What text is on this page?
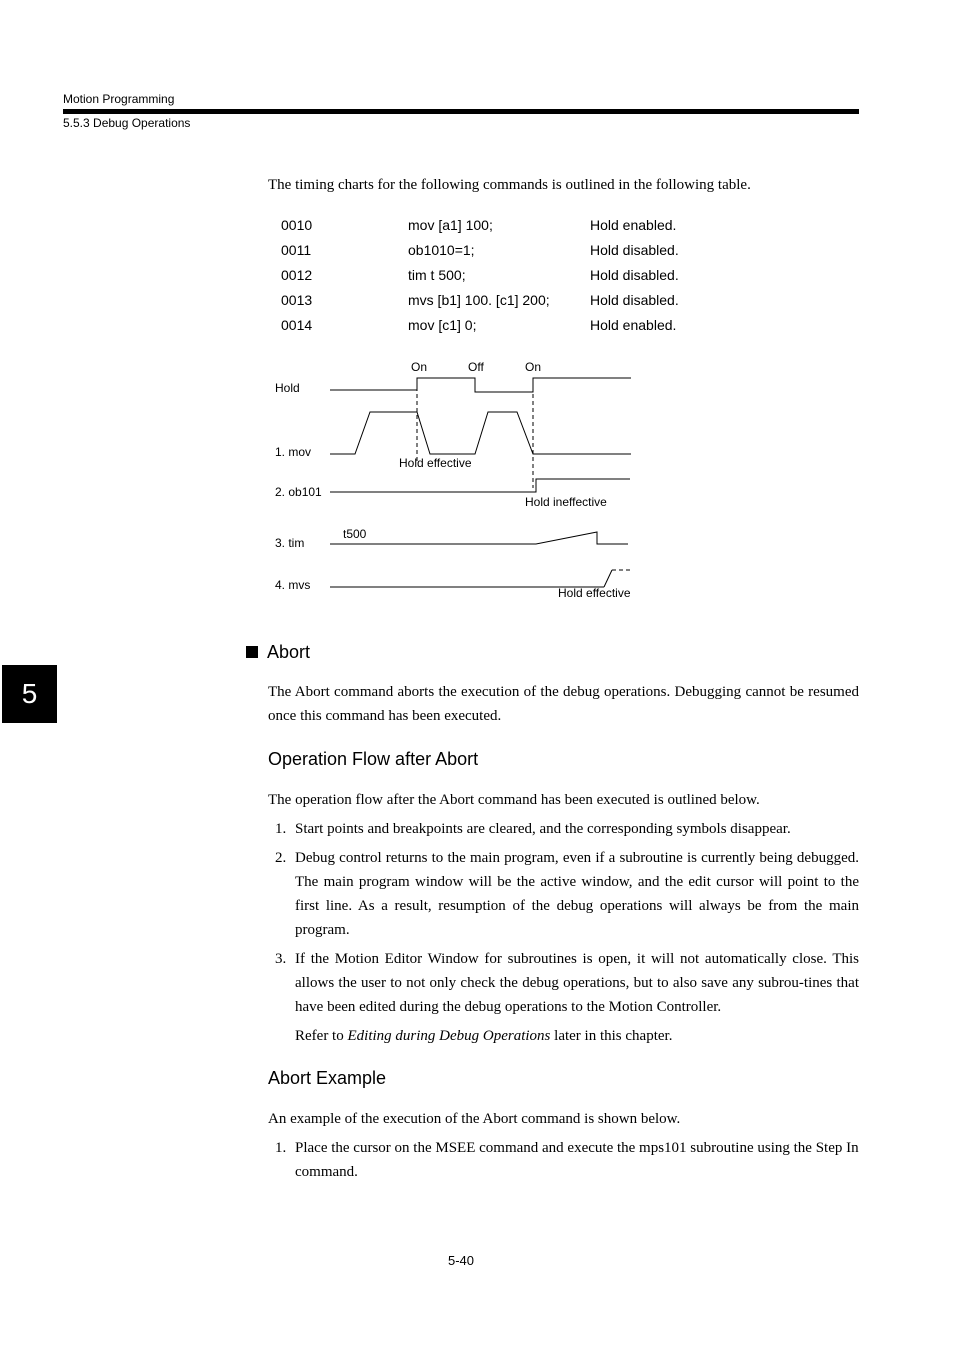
Motion Programming
5.5.3 Debug Operations
The timing charts for the following commands is outlined in the following table.
0010	mov [a1] 100;	Hold enabled.
0011	ob1010=1;	Hold disabled.
0012	tim t 500;	Hold disabled.
0013	mvs [b1] 100. [c1] 200;	Hold disabled.
0014	mov [c1] 0;	Hold enabled.
On	Off	On
Hold
1. mov
2. ob101
3. tim
4. mvs
Hold effective
Hold ineffective
t500
Hold effective
Abort
The Abort command aborts the execution of the debug operations. Debugging cannot be resumed once this command has been executed.
Operation Flow after Abort
The operation flow after the Abort command has been executed is outlined below.
1. Start points and breakpoints are cleared, and the corresponding symbols disappear.
2. Debug control returns to the main program, even if a subroutine is currently being debugged. The main program window will be the active window, and the edit cursor will point to the first line. As a result, resumption of the debug operations will always be from the main program.
3. If the Motion Editor Window for subroutines is open, it will not automatically close. This allows the user to not only check the debug operations, but to also save any subrou-tines that have been edited during the debug operations to the Motion Controller.
Refer to Editing during Debug Operations later in this chapter.
Abort Example
An example of the execution of the Abort command is shown below.
1. Place the cursor on the MSEE command and execute the mps101 subroutine using the Step In command.
5
5-40
